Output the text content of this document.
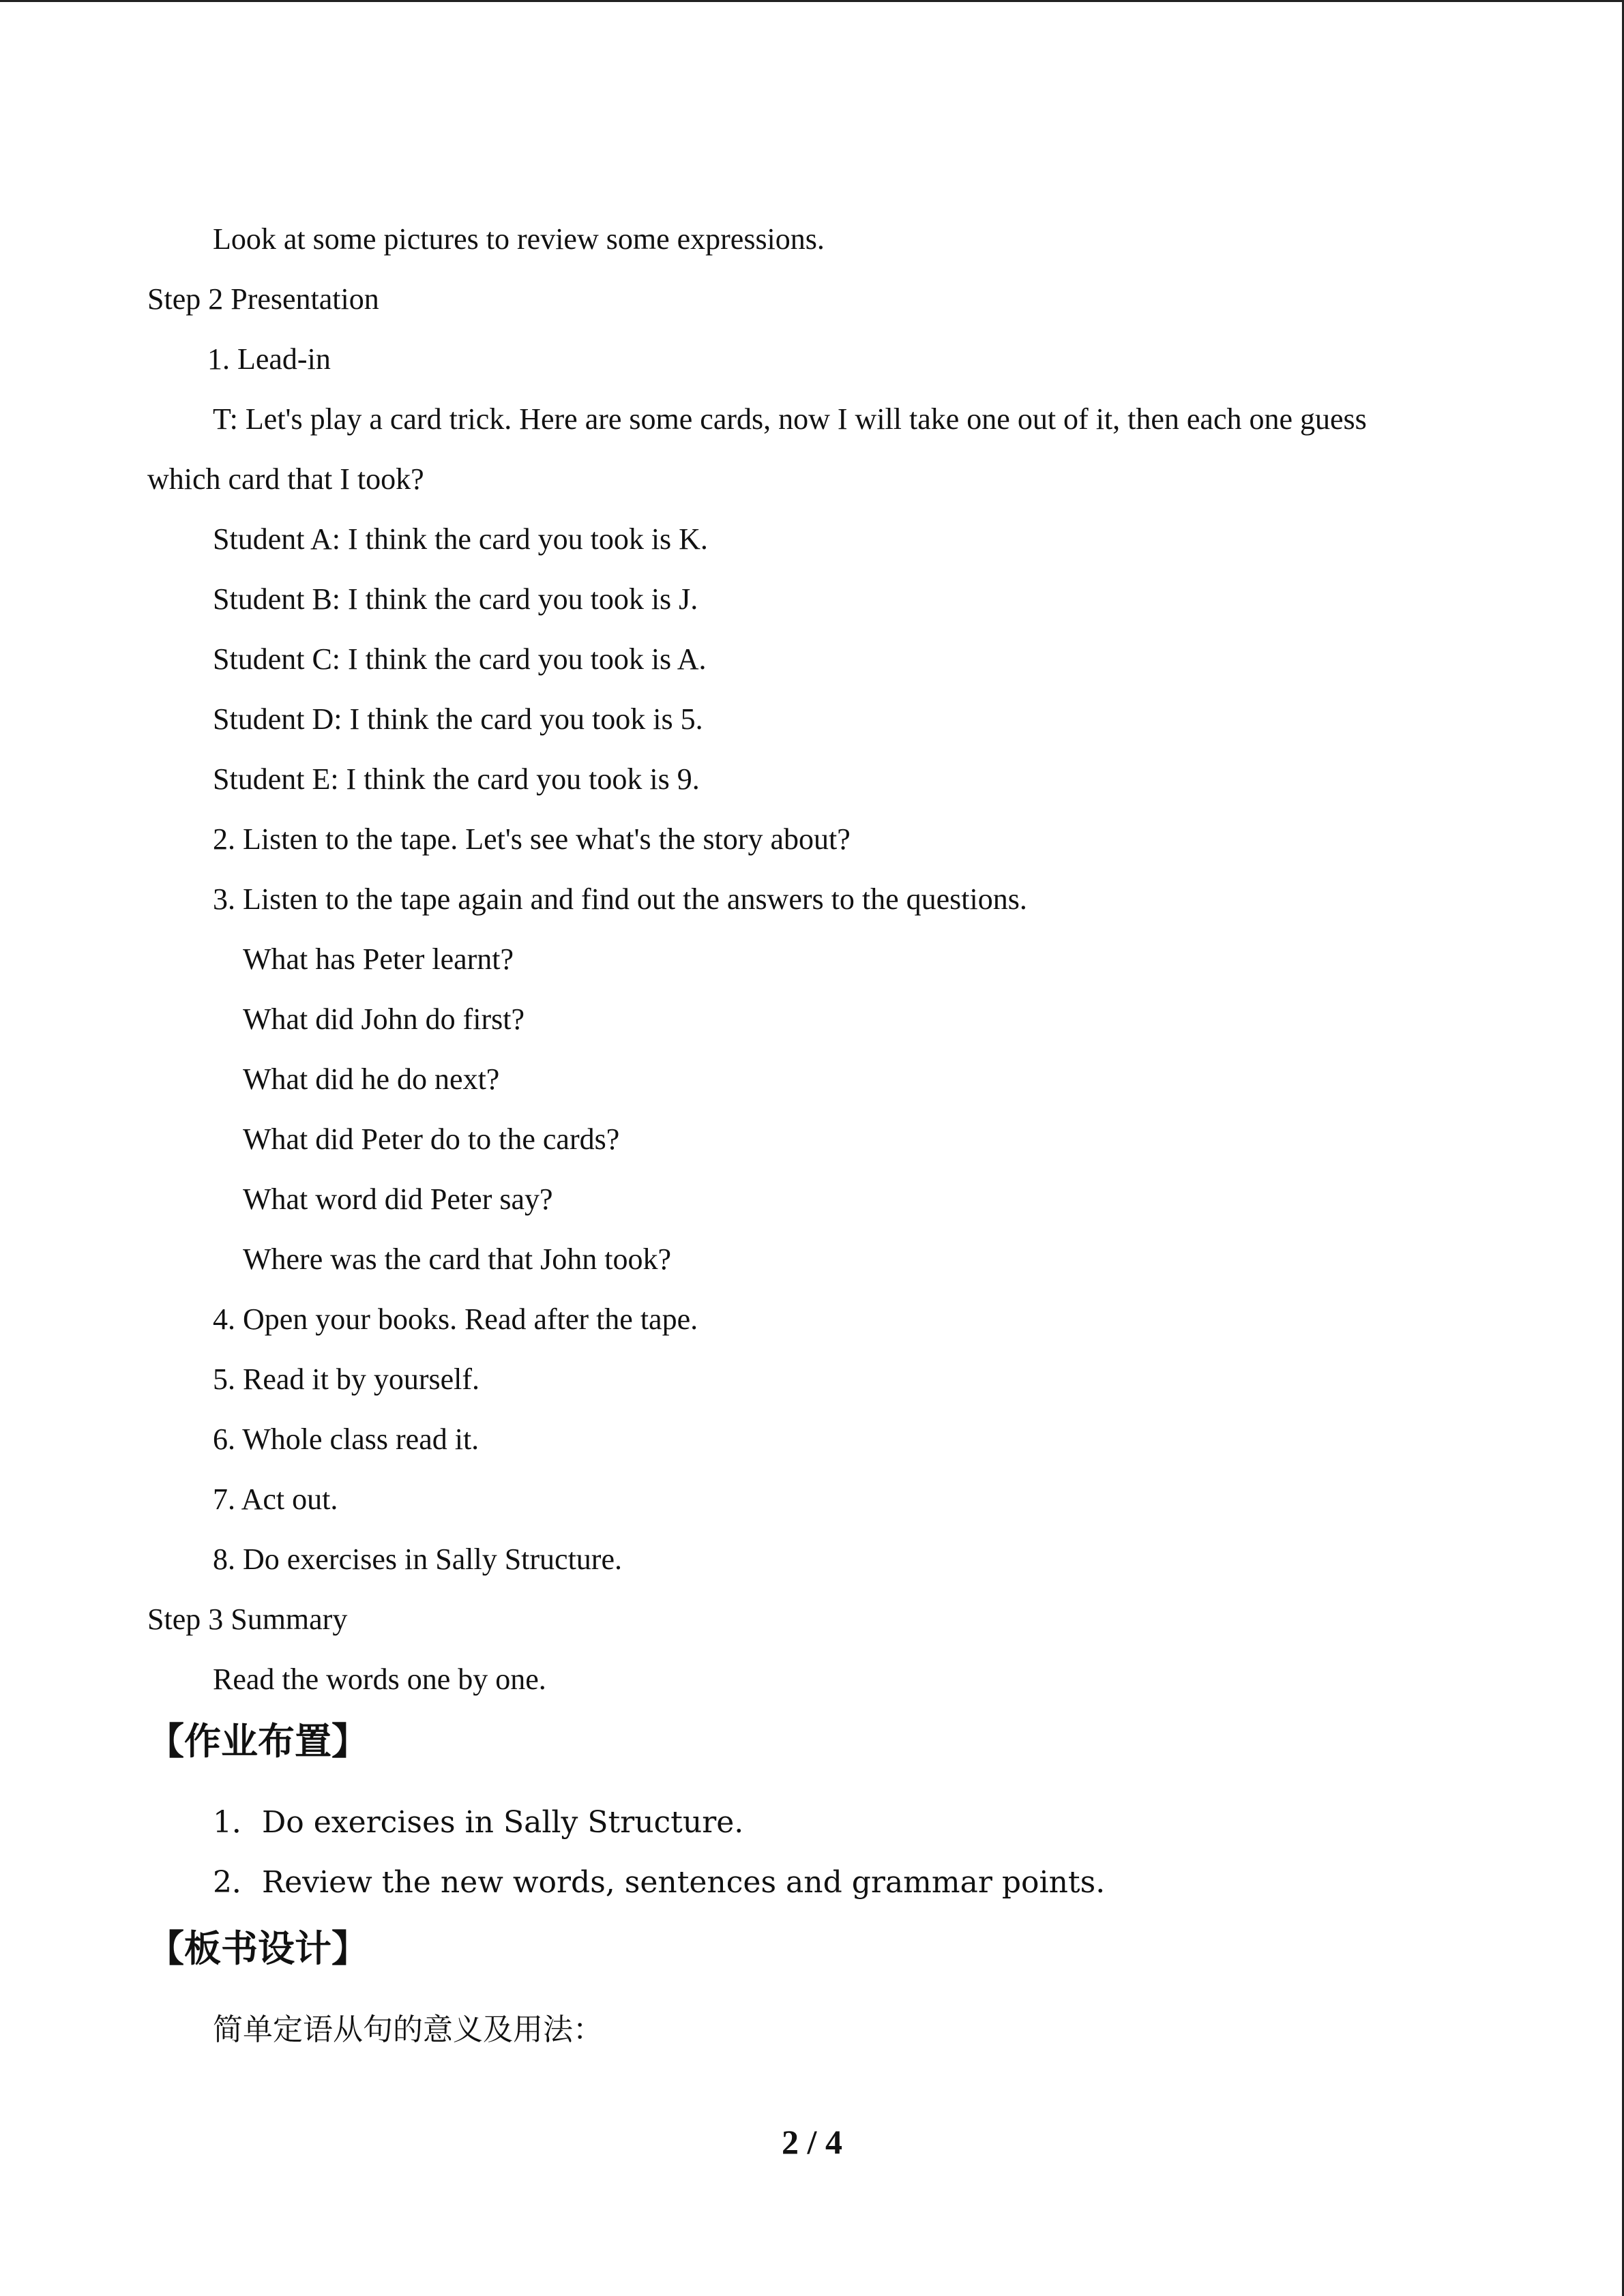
Look at some pictures to review some expressions.
Step 2 Presentation
1. Lead-in
T: Let's play a card trick. Here are some cards, now I will take one out of it, then each one guess
which card that I took?
Student A: I think the card you took is K.
Student B: I think the card you took is J.
Student C: I think the card you took is A.
Student D: I think the card you took is 5.
Student E: I think the card you took is 9.
2. Listen to the tape. Let's see what's the story about?
3. Listen to the tape again and find out the answers to the questions.
What has Peter learnt?
What did John do first?
What did he do next?
What did Peter do to the cards?
What word did Peter say?
Where was the card that John took?
4. Open your books. Read after the tape.
5. Read it by yourself.
6. Whole class read it.
7. Act out.
8. Do exercises in Sally Structure.
Step 3 Summary
Read the words one by one.
【作业布置】
1．Do exercises in Sally Structure.
2．Review the new words, sentences and grammar points.
【板书设计】
简单定语从句的意义及用法：
2 / 4
